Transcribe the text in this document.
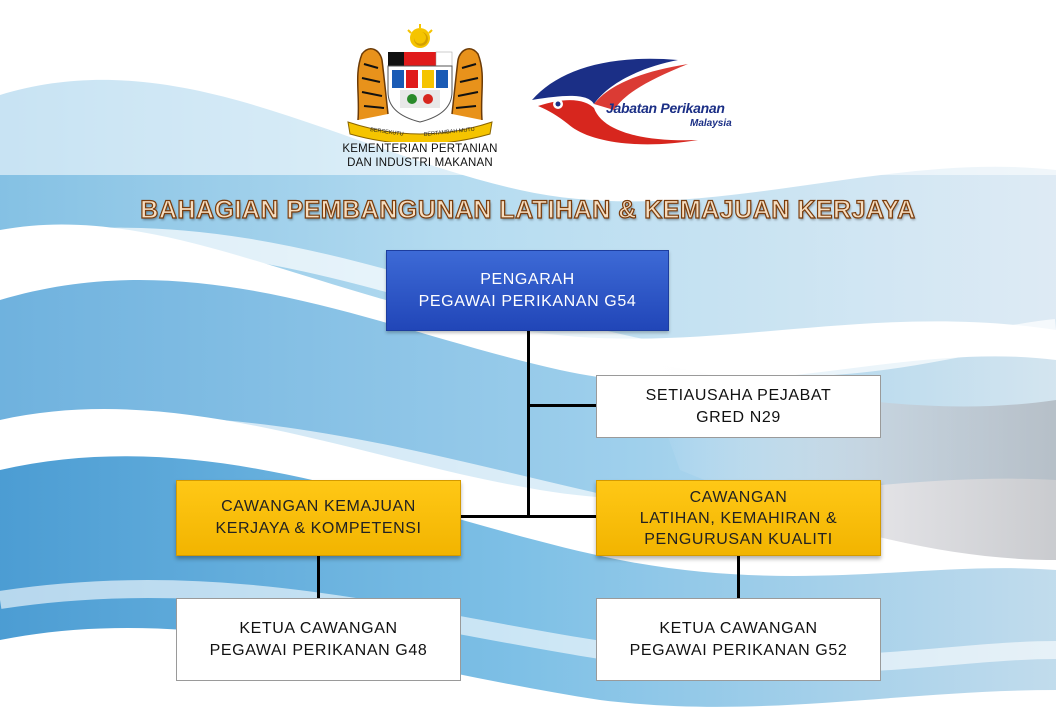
BERSEKUTU	BERTAMBAH MUTU
KEMENTERIAN PERTANIAN
DAN INDUSTRI MAKANAN
Jabatan Perikanan
Malaysia
BAHAGIAN PEMBANGUNAN LATIHAN & KEMAJUAN KERJAYA
PENGARAH
PEGAWAI PERIKANAN G54
SETIAUSAHA PEJABAT
GRED N29
CAWANGAN KEMAJUAN
KERJAYA & KOMPETENSI
CAWANGAN
LATIHAN, KEMAHIRAN &
PENGURUSAN KUALITI
KETUA CAWANGAN
PEGAWAI PERIKANAN G48
KETUA CAWANGAN
PEGAWAI PERIKANAN G52
